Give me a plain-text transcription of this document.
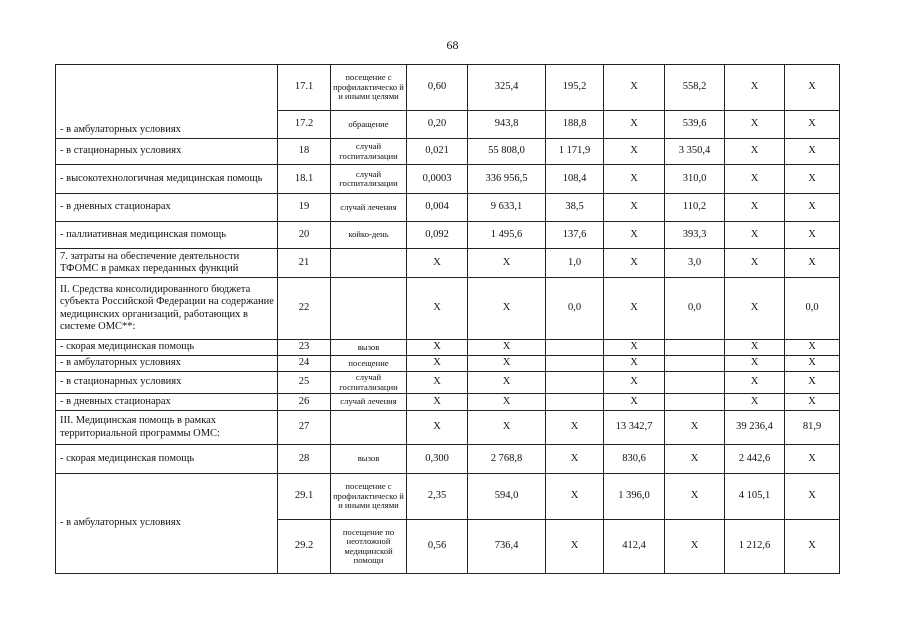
68
- в амбулаторных условиях	17.1	посещение с профилактическо й и иными целями	0,60	325,4	195,2	X	558,2	X	X
	17.2	обращение	0,20	943,8	188,8	X	539,6	X	X
- в стационарных условиях	18	случай госпитализации	0,021	55 808,0	1 171,9	X	3 350,4	X	X
- высокотехнологичная медицинская помощь	18.1	случай госпитализации	0,0003	336 956,5	108,4	X	310,0	X	X
- в дневных стационарах	19	случай лечения	0,004	9 633,1	38,5	X	110,2	X	X
- паллиативная медицинская помощь	20	койко-день	0,092	1 495,6	137,6	X	393,3	X	X
7. затраты на обеспечение деятельности ТФОМС в рамках переданных функций	21		X	X	1,0	X	3,0	X	X
II. Средства консолидированного бюджета субъекта Российской Федерации на содержание медицинских организаций, работающих в системе ОМС**:	22		X	X	0,0	X	0,0	X	0,0
- скорая медицинская помощь	23	вызов	X	X		X		X	X
- в амбулаторных условиях	24	посещение	X	X		X		X	X
- в стационарных условиях	25	случай госпитализации	X	X		X		X	X
- в дневных стационарах	26	случай лечения	X	X		X		X	X
III. Медицинская помощь в рамках территориальной программы ОМС:	27		X	X	X	13 342,7	X	39 236,4	81,9
- скорая медицинская помощь	28	вызов	0,300	2 768,8	X	830,6	X	2 442,6	X
- в амбулаторных условиях	29.1	посещение с профилактическо й и иными целями	2,35	594,0	X	1 396,0	X	4 105,1	X
	29.2	посещение по неотложной медицинской помощи	0,56	736,4	X	412,4	X	1 212,6	X
